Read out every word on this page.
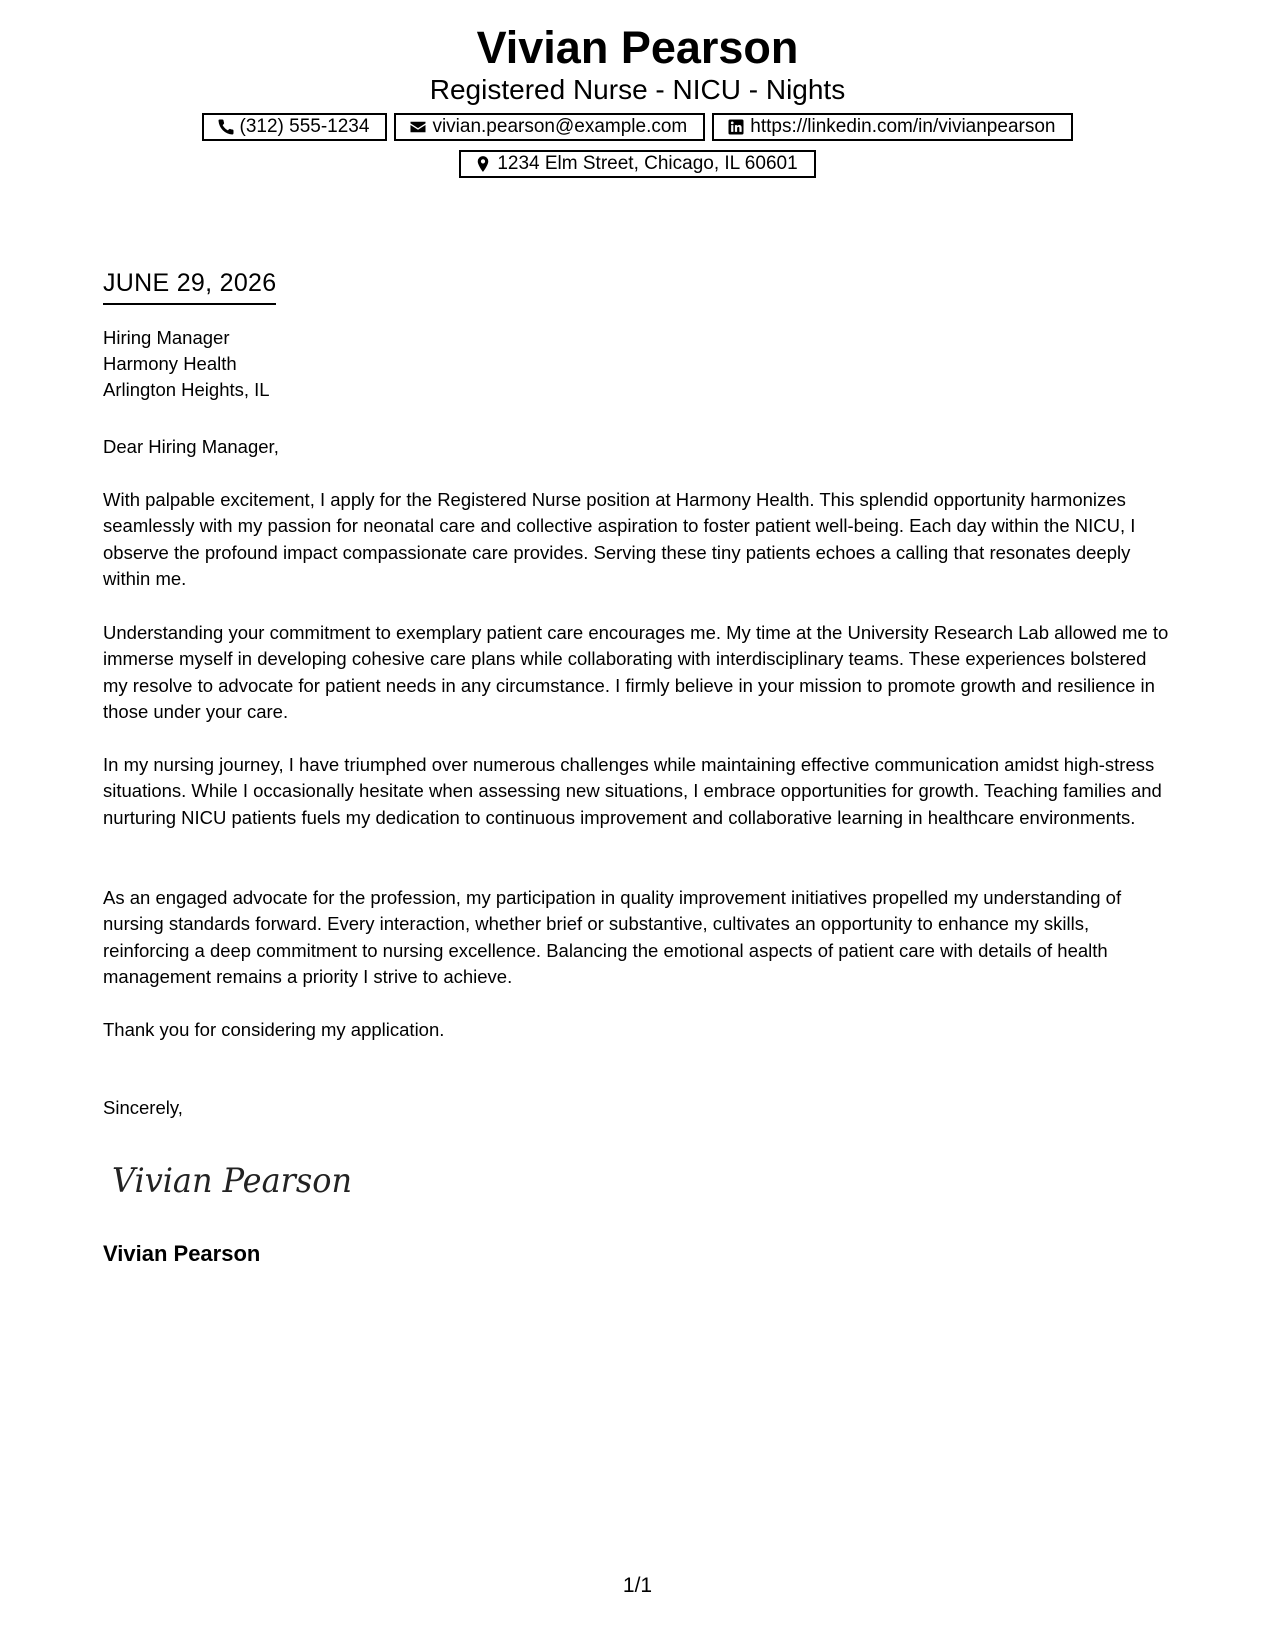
Vivian Pearson
Registered Nurse - NICU - Nights
(312) 555-1234	vivian.pearson@example.com	https://linkedin.com/in/vivianpearson
1234 Elm Street, Chicago, IL 60601
JUNE 29, 2026
Hiring Manager
Harmony Health
Arlington Heights, IL
Dear Hiring Manager,

With palpable excitement, I apply for the Registered Nurse position at Harmony Health. This splendid opportunity harmonizes seamlessly with my passion for neonatal care and collective aspiration to foster patient well-being. Each day within the NICU, I observe the profound impact compassionate care provides. Serving these tiny patients echoes a calling that resonates deeply within me.

Understanding your commitment to exemplary patient care encourages me. My time at the University Research Lab allowed me to immerse myself in developing cohesive care plans while collaborating with interdisciplinary teams. These experiences bolstered my resolve to advocate for patient needs in any circumstance. I firmly believe in your mission to promote growth and resilience in those under your care.

In my nursing journey, I have triumphed over numerous challenges while maintaining effective communication amidst high-stress situations. While I occasionally hesitate when assessing new situations, I embrace opportunities for growth. Teaching families and nurturing NICU patients fuels my dedication to continuous improvement and collaborative learning in healthcare environments.

As an engaged advocate for the profession, my participation in quality improvement initiatives propelled my understanding of nursing standards forward. Every interaction, whether brief or substantive, cultivates an opportunity to enhance my skills, reinforcing a deep commitment to nursing excellence. Balancing the emotional aspects of patient care with details of health management remains a priority I strive to achieve.

Thank you for considering my application.
Sincerely,
Vivian Pearson
Vivian Pearson
1/1
